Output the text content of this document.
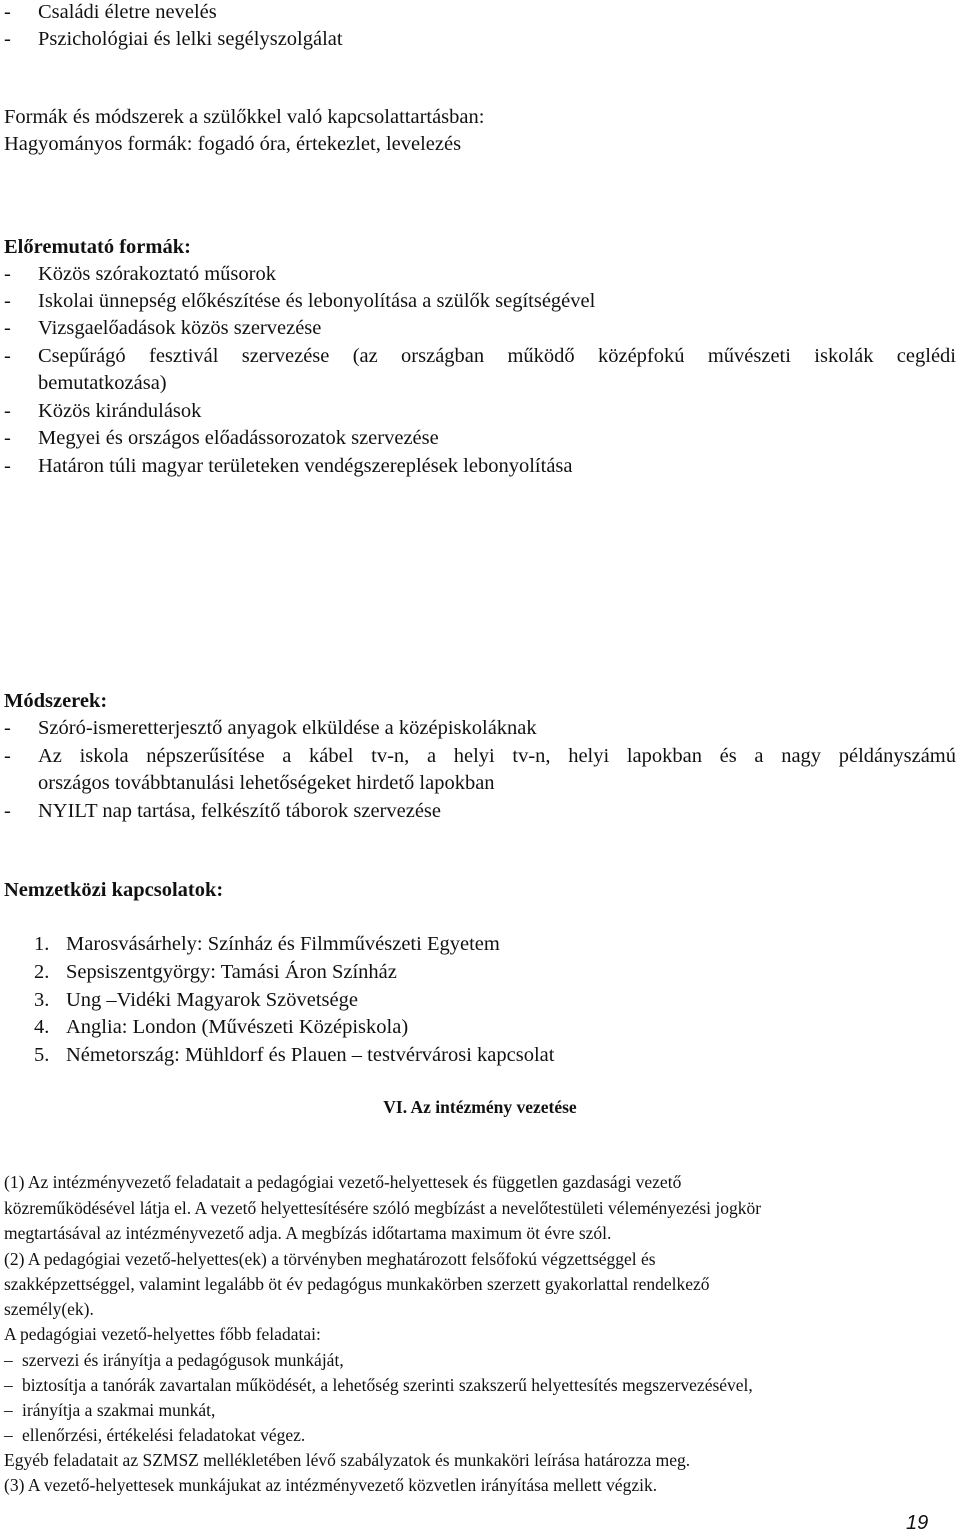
- Családi életre nevelés
- Pszichológiai és lelki segélyszolgálat
Formák és módszerek a szülőkkel való kapcsolattartásban:
Hagyományos formák: fogadó óra, értekezlet, levelezés
Előremutató formák:
- Közös szórakoztató műsorok
- Iskolai ünnepség előkészítése és lebonyolítása a szülők segítségével
- Vizsgaelőadások közös szervezése
- Csepűrágó fesztivál szervezése (az országban működő középfokú művészeti iskolák ceglédi
bemutatkozása)
- Közös kirándulások
- Megyei és országos előadássorozatok szervezése
- Határon túli magyar területeken vendégszereplések lebonyolítása
Módszerek:
- Szóró-ismeretterjesztő anyagok elküldése a középiskoláknak
- Az iskola népszerűsítése a kábel tv-n, a helyi tv-n, helyi lapokban és a nagy példányszámú
országos továbbtanulási lehetőségeket hirdető lapokban
- NYILT nap tartása, felkészítő táborok szervezése
Nemzetközi kapcsolatok:
1. Marosvásárhely: Színház és Filmművészeti Egyetem
2. Sepsiszentgyörgy: Tamási Áron Színház
3. Ung –Vidéki Magyarok Szövetsége
4. Anglia: London (Művészeti Középiskola)
5. Németország: Mühldorf és Plauen – testvérvárosi kapcsolat
VI. Az intézmény vezetése
(1) Az intézményvezető feladatait a pedagógiai vezető-helyettesek és független gazdasági vezető
közreműködésével látja el. A vezető helyettesítésére szóló megbízást a nevelőtestületi véleményezési jogkör
megtartásával az intézményvezető adja. A megbízás időtartama maximum öt évre szól.
(2) A pedagógiai vezető-helyettes(ek) a törvényben meghatározott felsőfokú végzettséggel és
szakképzettséggel, valamint legalább öt év pedagógus munkakörben szerzett gyakorlattal rendelkező
személy(ek).
A pedagógiai vezető-helyettes főbb feladatai:
– szervezi és irányítja a pedagógusok munkáját,
– biztosítja a tanórák zavartalan működését, a lehetőség szerinti szakszerű helyettesítés megszervezésével,
– irányítja a szakmai munkát,
– ellenőrzési, értékelési feladatokat végez.
Egyéb feladatait az SZMSZ mellékletében lévő szabályzatok és munkaköri leírása határozza meg.
(3) A vezető-helyettesek munkájukat az intézményvezető közvetlen irányítása mellett végzik.
19
